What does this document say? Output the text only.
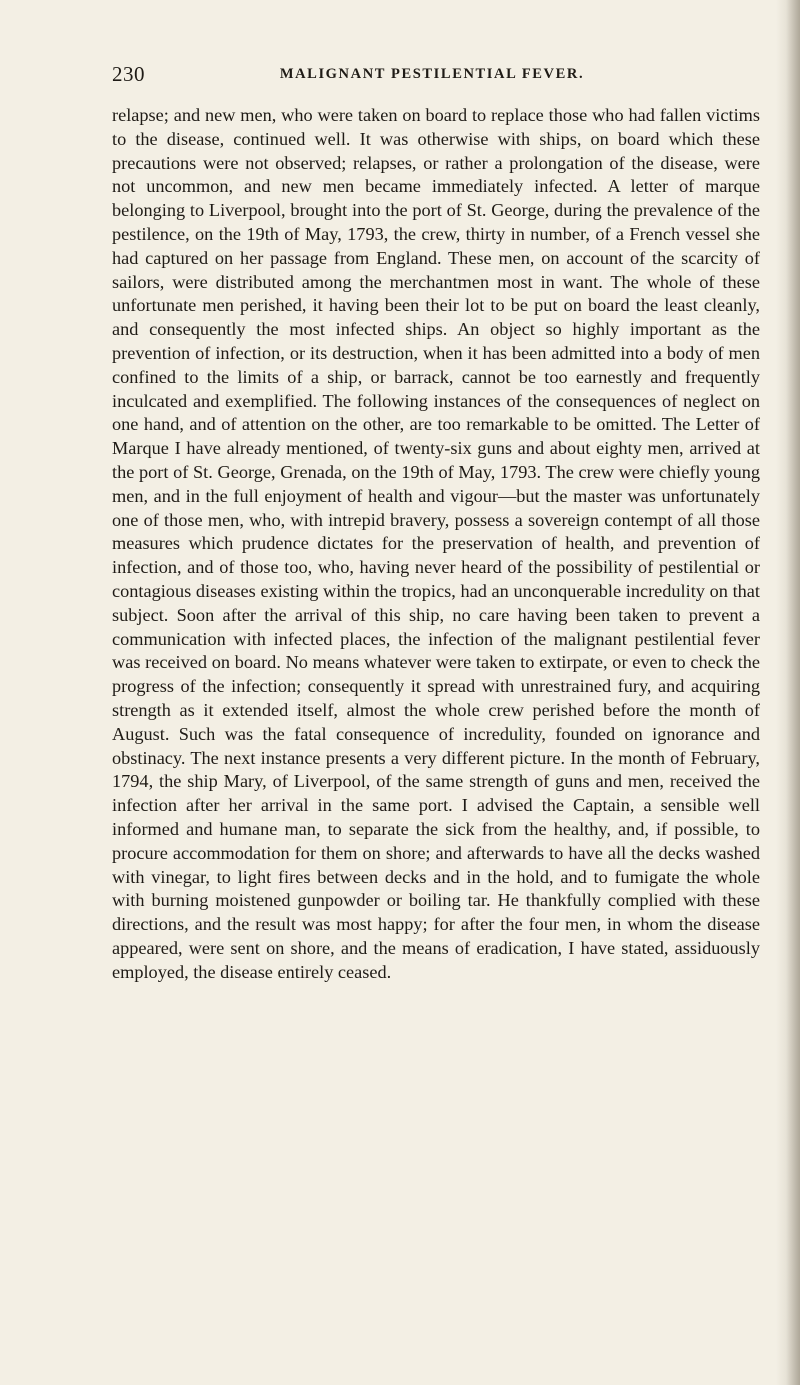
230	MALIGNANT PESTILENTIAL FEVER.

relapse; and new men, who were taken on board to replace those who had fallen victims to the disease, continued well. It was otherwise with ships, on board which these precautions were not observed; relapses, or rather a prolongation of the disease, were not uncommon, and new men became immediately infected. A letter of marque belonging to Liverpool, brought into the port of St. George, during the prevalence of the pestilence, on the 19th of May, 1793, the crew, thirty in number, of a French vessel she had captured on her passage from England. These men, on account of the scarcity of sailors, were distributed among the merchantmen most in want. The whole of these unfortunate men perished, it having been their lot to be put on board the least cleanly, and consequently the most infected ships. An object so highly important as the prevention of infection, or its destruction, when it has been admitted into a body of men confined to the limits of a ship, or barrack, cannot be too earnestly and frequently inculcated and exemplified. The following instances of the consequences of neglect on one hand, and of attention on the other, are too remarkable to be omitted. The Letter of Marque I have already mentioned, of twenty-six guns and about eighty men, arrived at the port of St. George, Grenada, on the 19th of May, 1793. The crew were chiefly young men, and in the full enjoyment of health and vigour—but the master was unfortunately one of those men, who, with intrepid bravery, possess a sovereign contempt of all those measures which prudence dictates for the preservation of health, and prevention of infection, and of those too, who, having never heard of the possibility of pestilential or contagious diseases existing within the tropics, had an unconquerable incredulity on that subject. Soon after the arrival of this ship, no care having been taken to prevent a communication with infected places, the infection of the malignant pestilential fever was received on board. No means whatever were taken to extirpate, or even to check the progress of the infection; consequently it spread with unrestrained fury, and acquiring strength as it extended itself, almost the whole crew perished before the month of August. Such was the fatal consequence of incredulity, founded on ignorance and obstinacy. The next instance presents a very different picture. In the month of February, 1794, the ship Mary, of Liverpool, of the same strength of guns and men, received the infection after her arrival in the same port. I advised the Captain, a sensible well informed and humane man, to separate the sick from the healthy, and, if possible, to procure accommodation for them on shore; and afterwards to have all the decks washed with vinegar, to light fires between decks and in the hold, and to fumigate the whole with burning moistened gunpowder or boiling tar. He thankfully complied with these directions, and the result was most happy; for after the four men, in whom the disease appeared, were sent on shore, and the means of eradication, I have stated, assiduously employed, the disease entirely ceased.
